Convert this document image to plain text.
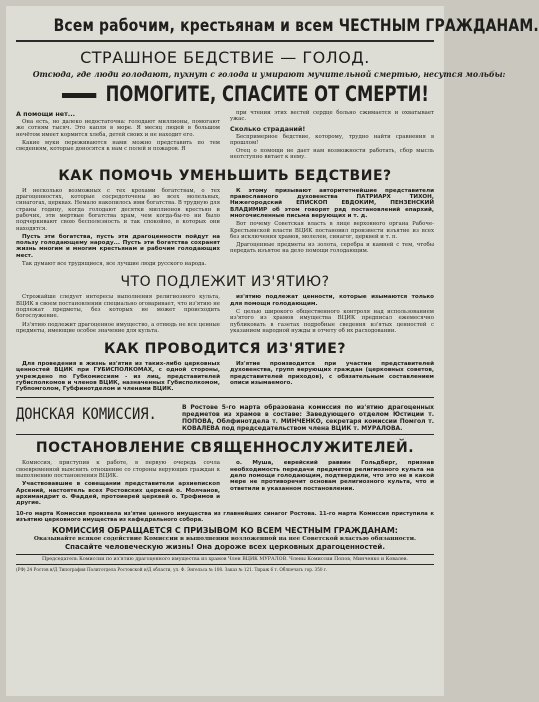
Всем рабочим, крестьянам и всем ЧЕСТНЫМ ГРАЖДАНАМ.
СТРАШНОЕ БЕДСТВИЕ — ГОЛОД.
Отсюда, где люди голодают, пухнут с голода и умирают мучительной смертью, несутся мольбы:
ПОМОГИТЕ, СПАСИТЕ ОТ СМЕРТИ!
А помощи нет...

Она есть, но далеко недостаточна: голодают миллионы, помогают же сотням тысяч. Это капля в море. Я месяц людей в большом нечётом имеет кормится хлеба, детей своих и не находит его.

Какие муки переживаются нами можно представить по тем сведениям, которые доносятся к нам с полей и пожаров. Я

при чтении этих вестей сердце больно сжимается и охватывает ужас.

Сколько страданий!

Беспримерное бедствие, которому, трудно найти сравнения в прошлом!

Отец о помощи не дает нам возможности работать, сбор мысль неотступно витает к нему.

КАК ПОМОЧЬ УМЕНЬШИТЬ БЕДСТВИЕ?

И несколько возможных с тех крохами богатствам, о тех драгоценностях, которые сосредоточены во всех молельных, синагогах, церквах. Немало накопилось ими богатства. В трудную для страны годину, когда голодают десятки миллионов крестьян и рабочих, эти мертвые богатства храм, чем когда-бы-то ни было подчеркивают свою бесполезность и так спокойно, в которых они находятся.

Пусть эти богатства, пусть эти драгоценности пойдут на пользу голодающему народу... Пусть эти богатства сохранят жизнь многим и многим крестьянам и рабочим голодающих мест.

Так думают все трудящиеся, все лучшие люди русского народа.

К этому призывают авторитетнейшие представители православного духовенства ПАТРИАРХ ТИХОН, Нижегородский ЕПИСКОП ЕВДОКИМ, ПЕНЗЕНСКИЙ ВЛАДИМИР об этом говорят ряд постановлений епархий, многочисленные письма верующих и т. д.

Вот почему Советская власть в лице верховного органа Рабоче-Крестьянской власти ВЦИК постановил произвести изъятие из всех без исключения храмов, молелен, синагог, церквей и т. п.

Драгоценные предметы из золота, серебра и камней с тем, чтобы передать изъятое на дело помощи голодающим.

ЧТО ПОДЛЕЖИТ ИЗ'ЯТИЮ?

Строжайше следует интересы выполнения религиозного культа, ВЦИК в своем постановлении специально оговаривает, что из'ятию не подлежат предметы, без которых не может происходить богослужение.

Из'ятию подлежит драгоценное имущество, а отнюдь не все ценные предметы, имеющие особое значение для культа.

из'ятию подлежат ценности, которые изымаются только для помощи голодающим.

С целью широкого общественного контроля над использованием из'ятого из храмов имущества ВЦИК предписал ежемесячно публиковать в газетах подробные сведения из'ятых ценностей с указанием народной нужды и отчету об их расходовании.

КАК ПРОВОДИТСЯ ИЗ'ЯТИЕ?

Для проведения в жизнь из'ятия из таких-либо церковных ценностей ВЦИК при ГУБИСПОЛКОМАХ, с одной стороны, учреждено по Губкомиссиям - из лиц, представителей губисполкомов и членов ВЦИК, назначенных Губисполкомом, Губпомголом, Губфинотделом и членами ВЦИК.

Из'ятие производится при участии представителей духовенства, групп верующих граждан (церковных советов, представителей приходов), с обязательным составлением описи изымаемого.

ДОНСКАЯ КОМИССИЯ.	В Ростове 5-го марта образована комиссия по из'ятию драгоценных предметов из храмов в составе: Заведующего отделом Юстиции т. ПОПОВА, Облфинотдела т. МИНЧЕНКО, секретаря комиссии Помгол т. КОВАЛЕВА под председательством члена ВЦИК т. МУРАЛОВА.
ПОСТАНОВЛЕНИЕ СВЯЩЕННОСЛУЖИТЕЛЕЙ.

Комиссия, приступив к работе, в первую очередь сочла своевременной выяснить отношение со стороны верующих граждан к выполнению постановления ВЦИК.

Участвовавшие в совещании представители архиепископ Арсений, настоятель всех Ростовских церквей о. Молчанов, архимандрит о. Фаддей, протоиерей церквей о. Трофимов и другие.

о. Муша, еврейский раввин Гольдберг, признав необходимость передачи предметов религиозного культа на дело помощи голодающим, подтвердили, что это не в какой мере не противоречит основам религиозного культа, что и ответили в указанном постановлении.

10-го марта Комиссия произвела из'ятие ценного имущества из главнейших синагог Ростова. 11-го марта Комиссия приступила к изъятию церковного имущества из кафедрального собора.

КОМИССИЯ ОБРАЩАЕТСЯ С ПРИЗЫВОМ КО ВСЕМ ЧЕСТНЫМ ГРАЖДАНАМ:
Оказывайте всякое содействие Комиссии в выполнении возложенной на нее Советской властью обязанности.
Спасайте человеческую жизнь! Она дороже всех церковных драгоценностей.
Председатель Комиссии по из'ятию драгоценного имущества из храмов Член ВЦИК МУРАЛОВ. Члены Комиссии Попов, Минченко и Ковалев.
(РФ) 24 Ростов н/Д Типография Политотдела Ростовской н/Д области, ул. Ф. Энгельса № 108. Заказ № 121. Тираж 6 т. Облпечать гор. 350 г.
